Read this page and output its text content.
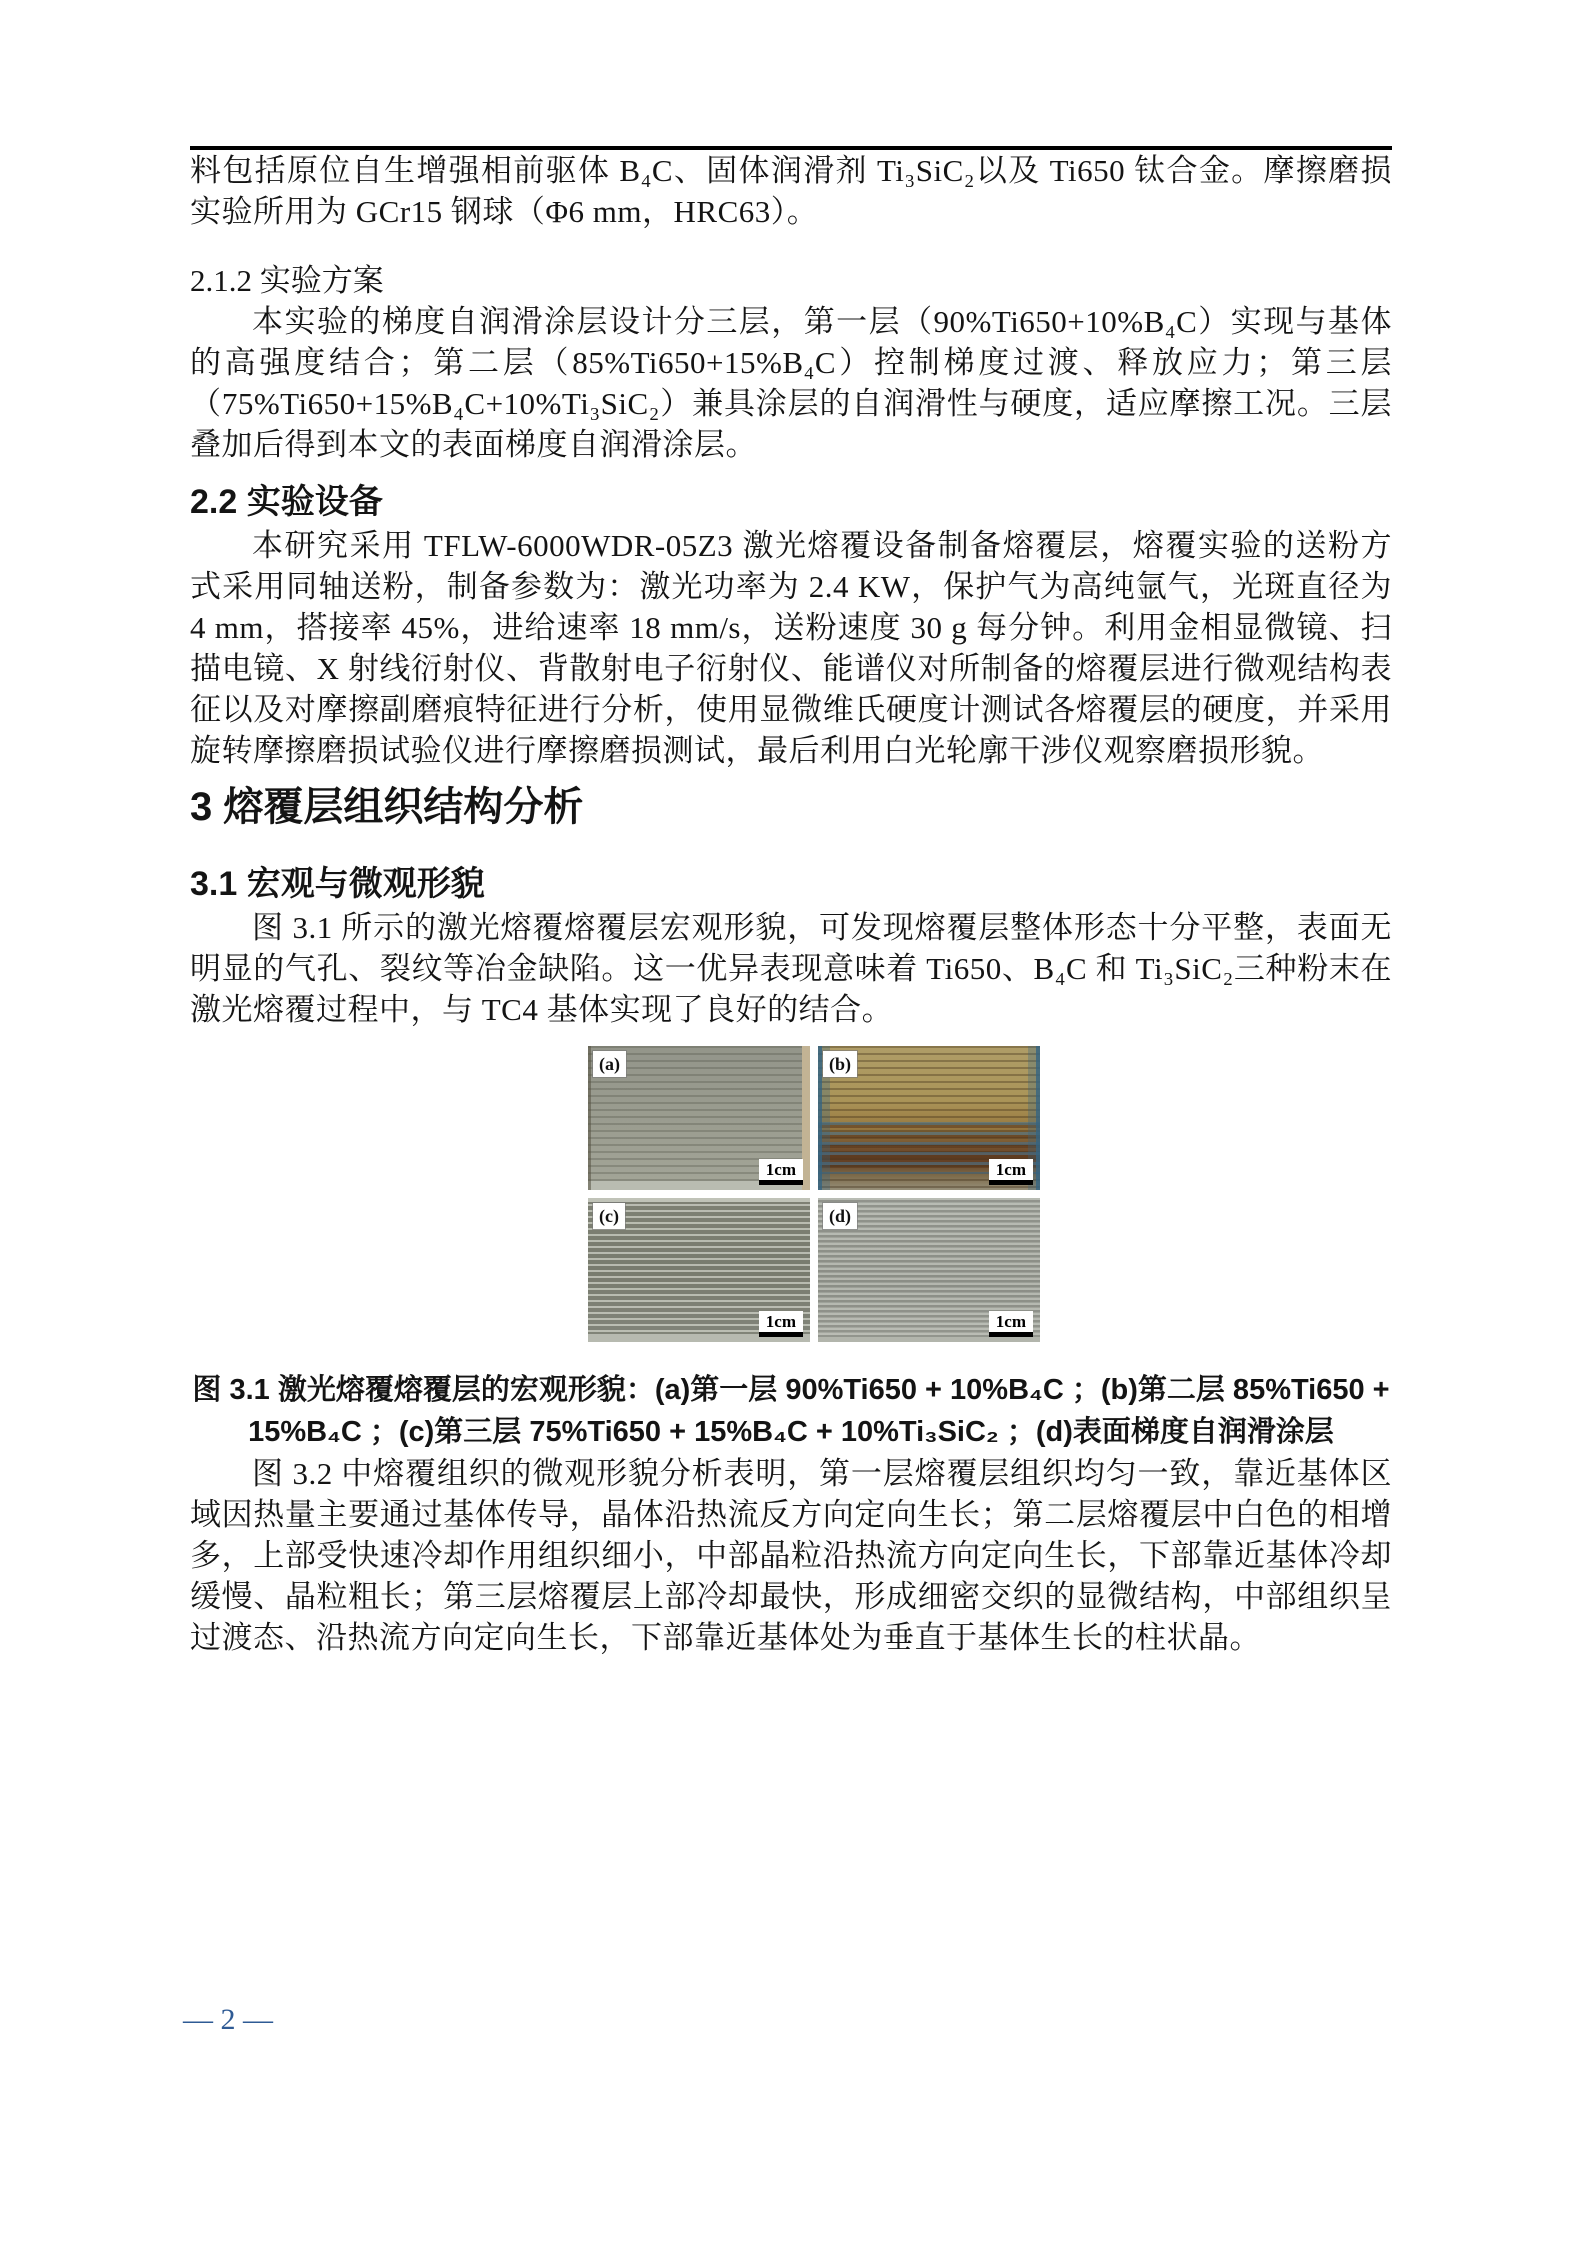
料包括原位自生增强相前驱体 B₄C、固体润滑剂 Ti₃SiC₂以及 Ti650 钛合金。摩擦磨损实验所用为 GCr15 钢球（Φ6 mm，HRC63）。

2.1.2 实验方案

本实验的梯度自润滑涂层设计分三层，第一层（90%Ti650+10%B₄C）实现与基体的高强度结合；第二层（85%Ti650+15%B₄C）控制梯度过渡、释放应力；第三层（75%Ti650+15%B₄C+10%Ti₃SiC₂）兼具涂层的自润滑性与硬度，适应摩擦工况。三层叠加后得到本文的表面梯度自润滑涂层。

2.2 实验设备

本研究采用 TFLW-6000WDR-05Z3 激光熔覆设备制备熔覆层，熔覆实验的送粉方式采用同轴送粉，制备参数为：激光功率为 2.4 KW，保护气为高纯氩气，光斑直径为 4 mm，搭接率 45%，进给速率 18 mm/s，送粉速度 30 g 每分钟。利用金相显微镜、扫描电镜、X 射线衍射仪、背散射电子衍射仪、能谱仪对所制备的熔覆层进行微观结构表征以及对摩擦副磨痕特征进行分析，使用显微维氏硬度计测试各熔覆层的硬度，并采用旋转摩擦磨损试验仪进行摩擦磨损测试，最后利用白光轮廓干涉仪观察磨损形貌。

3 熔覆层组织结构分析
3.1 宏观与微观形貌

图 3.1 所示的激光熔覆熔覆层宏观形貌，可发现熔覆层整体形态十分平整，表面无明显的气孔、裂纹等冶金缺陷。这一优异表现意味着 Ti650、B₄C 和 Ti₃SiC₂三种粉末在激光熔覆过程中，与 TC4 基体实现了良好的结合。

(a)
1cm
(b)
1cm
(c)
1cm
(d)
1cm

图 3.1 激光熔覆熔覆层的宏观形貌：(a)第一层 90%Ti650 + 10%B₄C ；(b)第二层 85%Ti650 +
15%B₄C ；(c)第三层 75%Ti650 + 15%B₄C + 10%Ti₃SiC₂ ；(d)表面梯度自润滑涂层

图 3.2 中熔覆组织的微观形貌分析表明，第一层熔覆层组织均匀一致，靠近基体区域因热量主要通过基体传导，晶体沿热流反方向定向生长；第二层熔覆层中白色的相增多，上部受快速冷却作用组织细小，中部晶粒沿热流方向定向生长，下部靠近基体冷却缓慢、晶粒粗长；第三层熔覆层上部冷却最快，形成细密交织的显微结构，中部组织呈过渡态、沿热流方向定向生长，下部靠近基体处为垂直于基体生长的柱状晶。

— 2 —
